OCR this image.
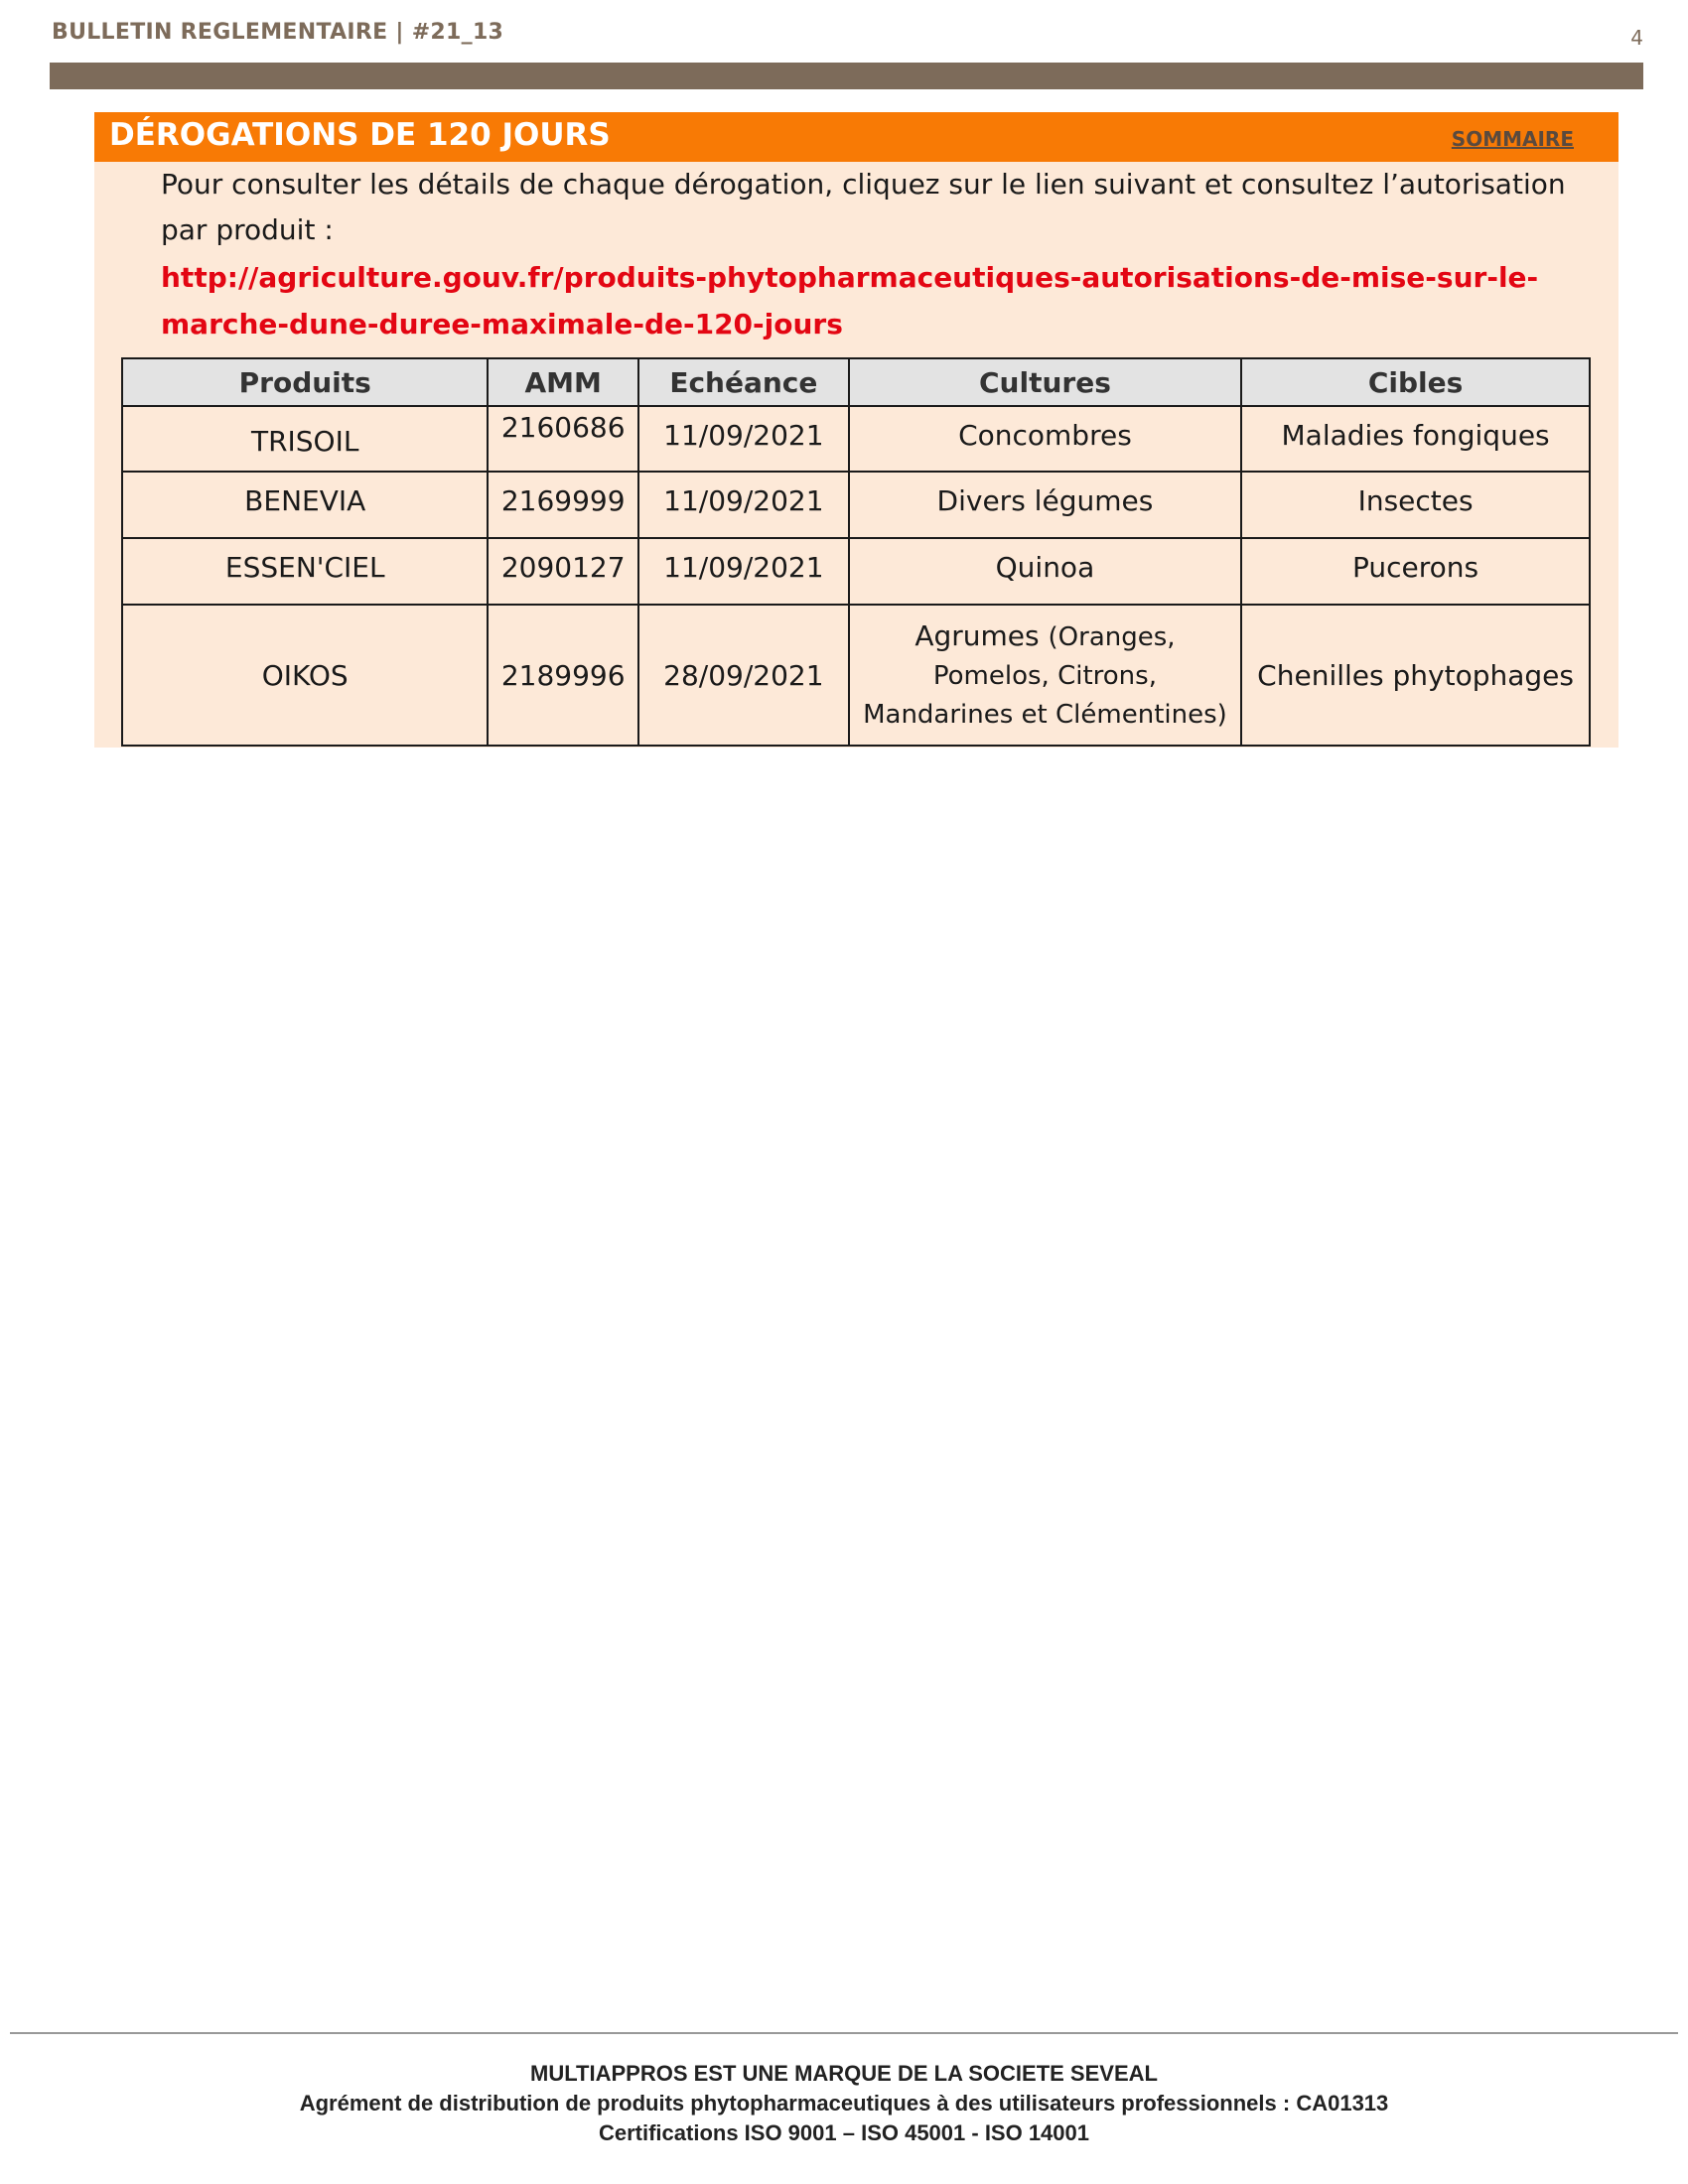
BULLETIN REGLEMENTAIRE | #21_13	4
DÉROGATIONS DE 120 JOURS	SOMMAIRE
Pour consulter les détails de chaque dérogation, cliquez sur le lien suivant et consultez l’autorisation par produit :
http://agriculture.gouv.fr/produits-phytopharmaceutiques-autorisations-de-mise-sur-le-marche-dune-duree-maximale-de-120-jours
Produits	AMM	Echéance	Cultures	Cibles
TRISOIL	2160686	11/09/2021	Concombres	Maladies fongiques
BENEVIA	2169999	11/09/2021	Divers légumes	Insectes
ESSEN'CIEL	2090127	11/09/2021	Quinoa	Pucerons
OIKOS	2189996	28/09/2021	Agrumes (Oranges, Pomelos, Citrons, Mandarines et Clémentines)	Chenilles phytophages
MULTIAPPROS EST UNE MARQUE DE LA SOCIETE SEVEAL
Agrément de distribution de produits phytopharmaceutiques à des utilisateurs professionnels : CA01313
Certifications ISO 9001 – ISO 45001 - ISO 14001
